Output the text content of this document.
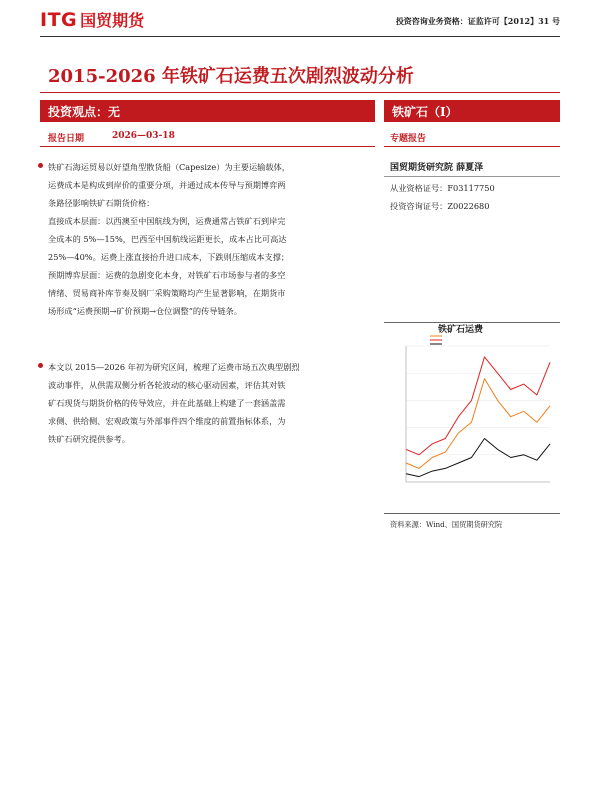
ITG 国贸期货	投资咨询业务资格：证监许可【2012】31 号
2015-2026 年铁矿石运费五次剧烈波动分析
投资观点： 无
报告日期	2026—03-18

铁矿石海运贸易以好望角型散货船（Capesize）为主要运输载体，

运费成本是构成到岸价的重要分项，并通过成本传导与预期博弈两

条路径影响铁矿石期货价格：

直接成本层面：以西澳至中国航线为例，运费通常占铁矿石到岸完

全成本的 5%—15%，巴西至中国航线运距更长，成本占比可高达

25%—40%。运费上涨直接抬升进口成本，下跌则压缩成本支撑；

预期博弈层面：运费的急剧变化本身，对铁矿石市场参与者的多空

情绪、贸易商补库节奏及钢厂采购策略均产生显著影响，在期货市

场形成“运费预期→矿价预期→仓位调整”的传导链条。

本文以 2015—2026 年初为研究区间，梳理了运费市场五次典型剧烈

波动事件，从供需双侧分析各轮波动的核心驱动因素，评估其对铁

矿石现货与期货价格的传导效应，并在此基础上构建了一套涵盖需

求侧、供给侧、宏观政策与外部事件四个维度的前置指标体系，为

铁矿石研究提供参考。

铁矿石（I）
专题报告
国贸期货研究院 薛夏泽
从业资格证号：F03117750
投资咨询证号：Z0022680
铁矿石运费
资料来源：Wind、国贸期货研究院
